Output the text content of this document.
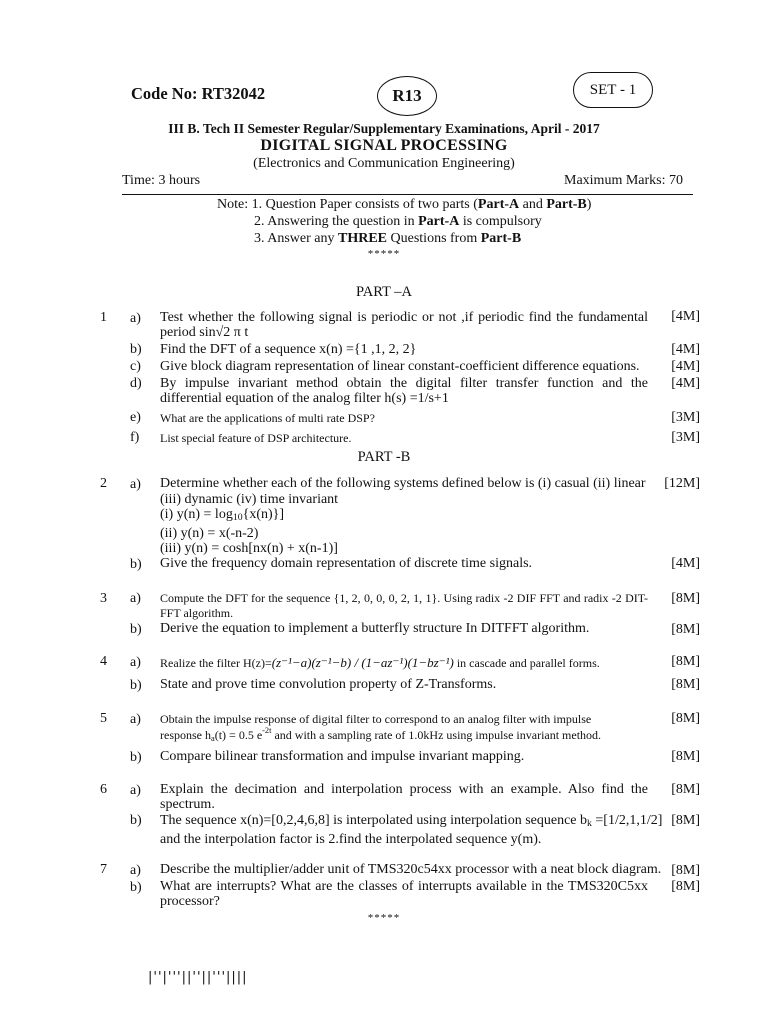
Code No: RT32042	R13	SET - 1
III B. Tech II Semester Regular/Supplementary Examinations, April - 2017
DIGITAL SIGNAL PROCESSING
(Electronics and Communication Engineering)
Time: 3 hours	Maximum Marks: 70
Note: 1. Question Paper consists of two parts (Part-A and Part-B)
2. Answering the question in Part-A is compulsory
3. Answer any THREE Questions from Part-B
*****
PART –A
1 a) Test whether the following signal is periodic or not ,if periodic find the fundamental period sin√2 π t
[4M]
b) Find the DFT of a sequence x(n) ={1 ,1, 2, 2}	[4M]
c) Give block diagram representation of linear constant-coefficient difference equations. [4M]
d) By impulse invariant method obtain the digital filter transfer function and the differential equation of the analog filter h(s) =1/s+1
[4M]
e) What are the applications of multi rate DSP?	[3M]
f) List special feature of DSP architecture.	[3M]
PART -B
2 a) Determine whether each of the following systems defined below is (i) casual (ii) linear
(iii) dynamic (iv) time invariant
(i) $y(n) = \log_{10}\{x(n)\}$]
(ii) y(n) = x(-n-2)
(iii) y(n) = cosh[nx(n) + x(n-1)]
[12M]
b) Give the frequency domain representation of discrete time signals.	[4M]
3 a) Compute the DFT for the sequence {1, 2, 0, 0, 0, 2, 1, 1}. Using radix -2 DIF FFT and radix -2 DIT- FFT algorithm.
[8M]
b) Derive the equation to implement a butterfly structure In DITFFT algorithm.	[8M]
4 a) Realize the filter H(z)=(z⁻¹−a)(z⁻¹−b) / (1−az⁻¹)(1−bz⁻¹) in cascade and parallel forms.	[8M]
b) State and prove time convolution property of Z-Transforms.	[8M]
5 a) Obtain the impulse response of digital filter to correspond to an analog filter with impulse
response $h_a(t) = 0.5$ $e^{-2t}$ and with a sampling rate of 1.0kHz using impulse invariant method.
[8M]
b) Compare bilinear transformation and impulse invariant mapping.	[8M]
6 a) Explain the decimation and interpolation process with an example. Also find the spectrum.
[8M]
b) The sequence x(n)=[0,2,4,6,8] is interpolated using interpolation sequence $b_k =[1/2,1,1/2]$
and the interpolation factor is 2.find the interpolated sequence y(m).
[8M]
7 a) Describe the multiplier/adder unit of TMS320c54xx processor with a neat block diagram. [8M]
b) What are interrupts? What are the classes of interrupts available in the TMS320C5xx processor?
[8M]
*****
|''|'''||''||'''||||
